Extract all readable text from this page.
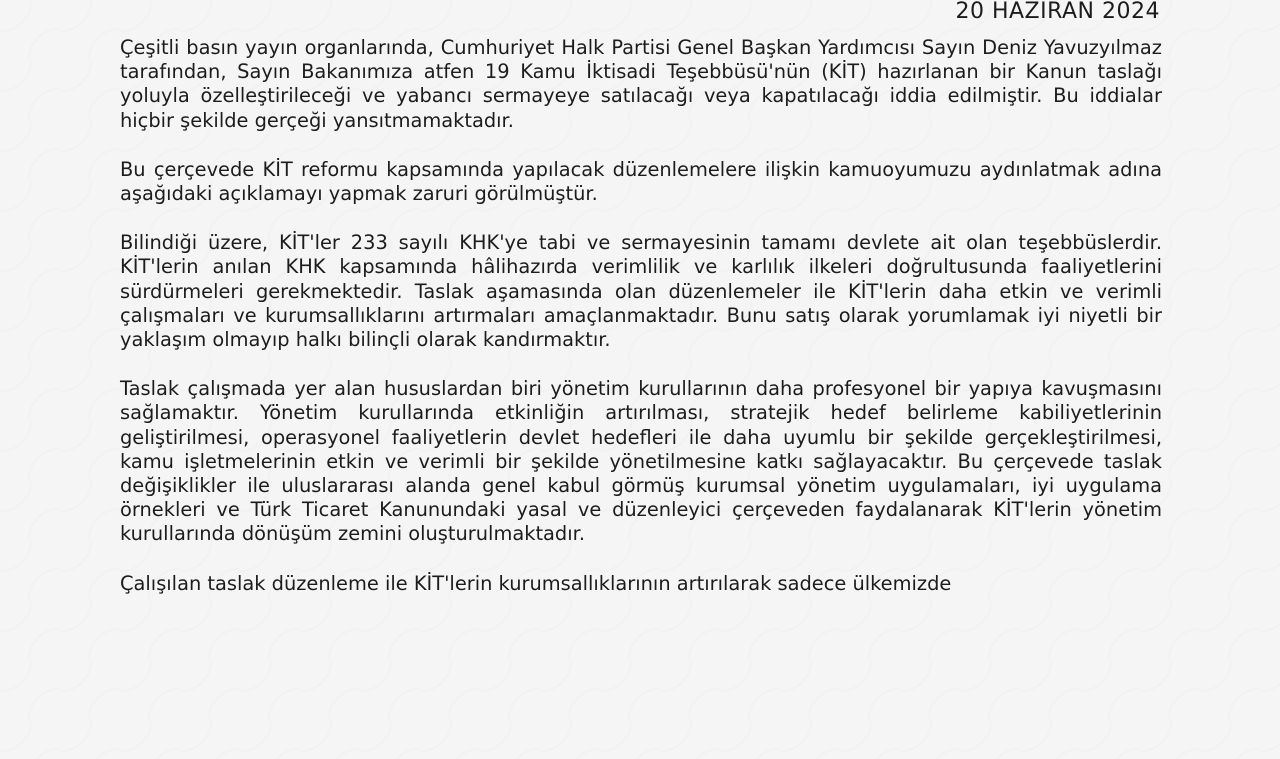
20 HAZİRAN 2024

Çeşitli basın yayın organlarında, Cumhuriyet Halk Partisi Genel Başkan Yardımcısı Sayın Deniz Yavuzyılmaz tarafından, Sayın Bakanımıza atfen 19 Kamu İktisadi Teşebbüsü'nün (KİT) hazırlanan bir Kanun taslağı yoluyla özelleştirileceği ve yabancı sermayeye satılacağı veya kapatılacağı iddia edilmiştir. Bu iddialar hiçbir şekilde gerçeği yansıtmamaktadır.

Bu çerçevede KİT reformu kapsamında yapılacak düzenlemelere ilişkin kamuoyumuzu aydınlatmak adına aşağıdaki açıklamayı yapmak zaruri görülmüştür.

Bilindiği üzere, KİT'ler 233 sayılı KHK'ye tabi ve sermayesinin tamamı devlete ait olan teşebbüslerdir. KİT'lerin anılan KHK kapsamında hâlihazırda verimlilik ve karlılık ilkeleri doğrultusunda faaliyetlerini sürdürmeleri gerekmektedir. Taslak aşamasında olan düzenlemeler ile KİT'lerin daha etkin ve verimli çalışmaları ve kurumsallıklarını artırmaları amaçlanmaktadır. Bunu satış olarak yorumlamak iyi niyetli bir yaklaşım olmayıp halkı bilinçli olarak kandırmaktır.

Taslak çalışmada yer alan hususlardan biri yönetim kurullarının daha profesyonel bir yapıya kavuşmasını sağlamaktır. Yönetim kurullarında etkinliğin artırılması, stratejik hedef belirleme kabiliyetlerinin geliştirilmesi, operasyonel faaliyetlerin devlet hedefleri ile daha uyumlu bir şekilde gerçekleştirilmesi, kamu işletmelerinin etkin ve verimli bir şekilde yönetilmesine katkı sağlayacaktır. Bu çerçevede taslak değişiklikler ile uluslararası alanda genel kabul görmüş kurumsal yönetim uygulamaları, iyi uygulama örnekleri ve Türk Ticaret Kanunundaki yasal ve düzenleyici çerçeveden faydalanarak KİT'lerin yönetim kurullarında dönüşüm zemini oluşturulmaktadır.

Çalışılan taslak düzenleme ile KİT'lerin kurumsallıklarının artırılarak sadece ülkemizde
